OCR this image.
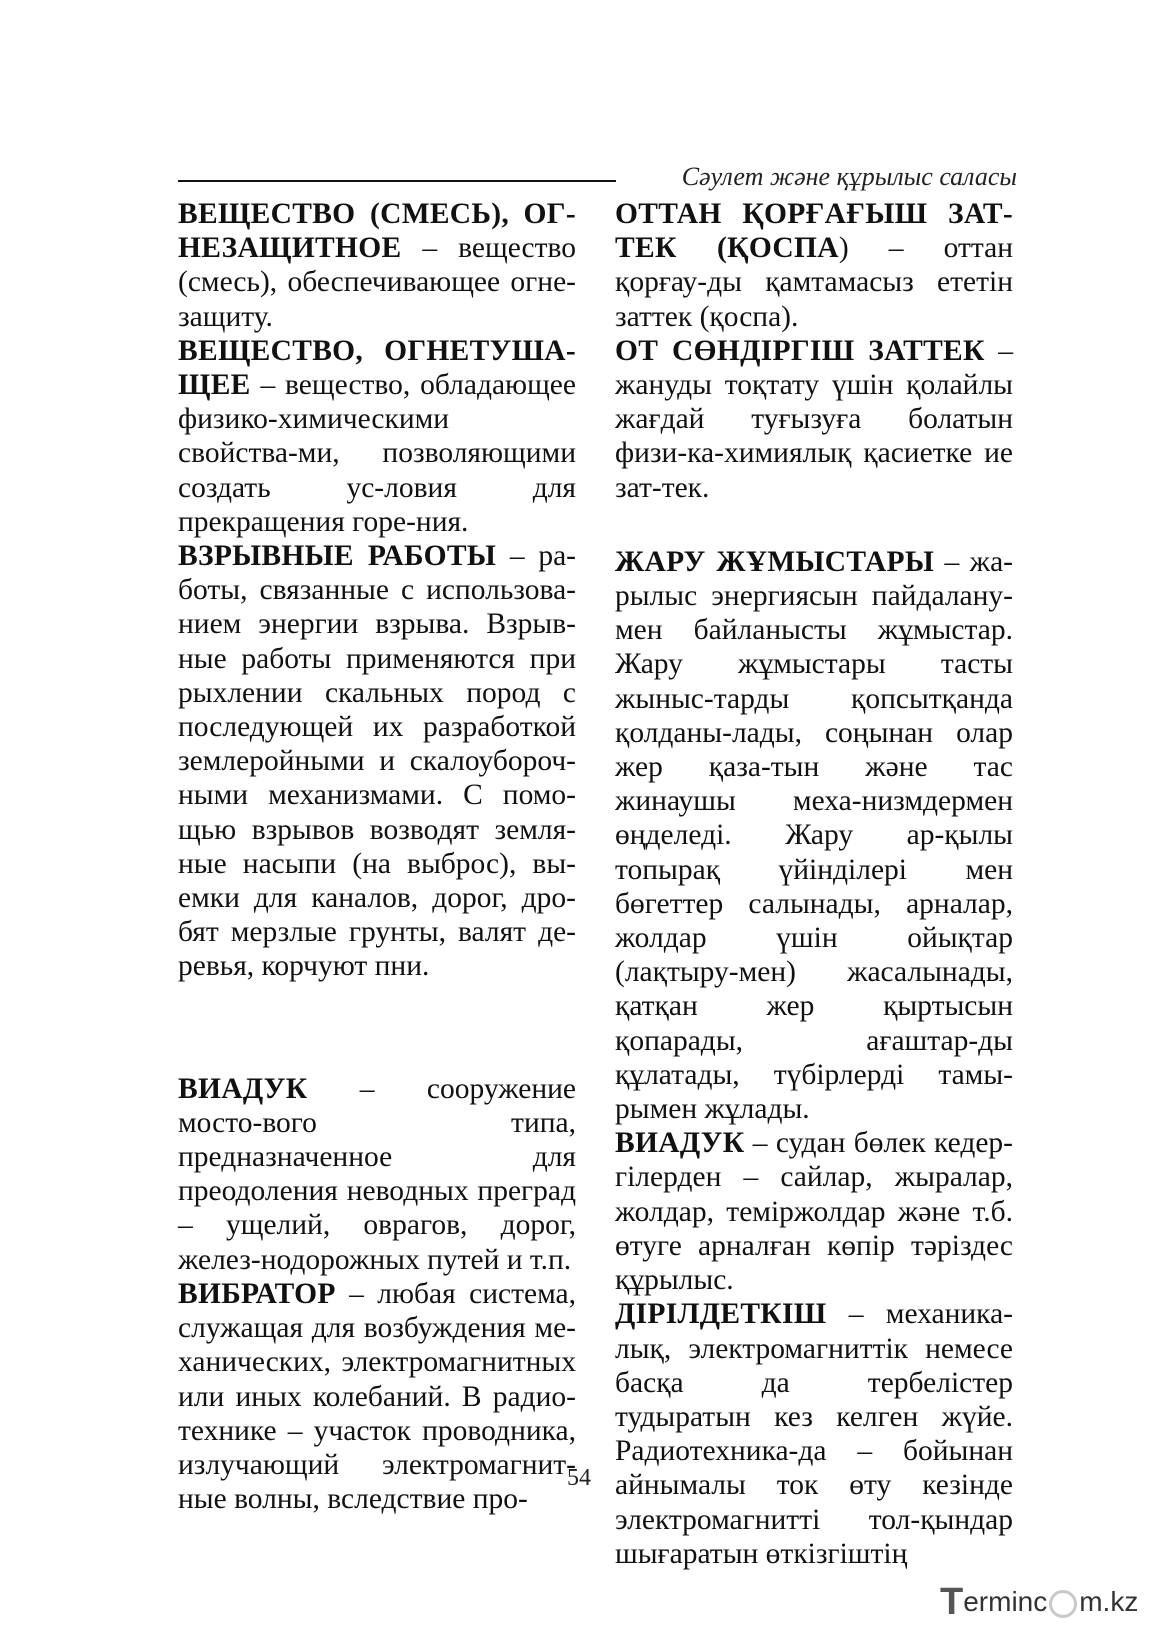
Сәулет және құрылыс саласы

ВЕЩЕСТВО (СМЕСЬ), ОГ-НЕЗАЩИТНОЕ – вещество (смесь), обеспечивающее огне-защиту.

ВЕЩЕСТВО, ОГНЕТУША-ЩЕЕ – вещество, обладающее физико-химическими свойства-ми, позволяющими создать ус-ловия для прекращения горе-ния.

ВЗРЫВНЫЕ РАБОТЫ – ра-боты, связанные с использова-нием энергии взрыва. Взрыв-ные работы применяются при рыхлении скальных пород с последующей их разработкой землеройными и скалоубороч-ными механизмами. С помо-щью взрывов возводят земля-ные насыпи (на выброс), вы-емки для каналов, дорог, дро-бят мерзлые грунты, валят де-ревья, корчуют пни.

ВИАДУК – сооружение мосто-вого типа, предназначенное для преодоления неводных преград – ущелий, оврагов, дорог, желез-нодорожных путей и т.п.

ВИБРАТОР – любая система, служащая для возбуждения ме-ханических, электромагнитных или иных колебаний. В радио-технике – участок проводника, излучающий электромагнит-ные волны, вследствие про-

ОТТАН ҚОРҒАҒЫШ ЗАТ-ТЕК (ҚОСПА) – оттан қорғау-ды қамтамасыз ететін заттек (қоспа).

ОТ СӨНДІРГІШ ЗАТТЕК – жануды тоқтату үшін қолайлы жағдай туғызуға болатын физи-ка-химиялық қасиетке ие зат-тек.

ЖАРУ ЖҰМЫСТАРЫ – жа-рылыс энергиясын пайдалану-мен байланысты жұмыстар. Жару жұмыстары тасты жыныс-тарды қопсытқанда қолданы-лады, соңынан олар жер қаза-тын және тас жинаушы меха-низмдермен өңделеді. Жару ар-қылы топырақ үйінділері мен бөгеттер салынады, арналар, жолдар үшін ойықтар (лақтыру-мен) жасалынады, қатқан жер қыртысын қопарады, ағаштар-ды құлатады, түбірлерді тамы-рымен жұлады.

ВИАДУК – судан бөлек кедер-гілерден – сайлар, жыралар, жолдар, теміржолдар және т.б. өтуге арналған көпір тәріздес құрылыс.

ДІРІЛДЕТКІШ – механика-лық, электромагниттік немесе басқа да тербелістер тудыратын кез келген жүйе. Радиотехника-да – бойынан айнымалы ток өту кезінде электромагнитті тол-қындар шығаратын өткізгіштің

54
T erminc m.kz
